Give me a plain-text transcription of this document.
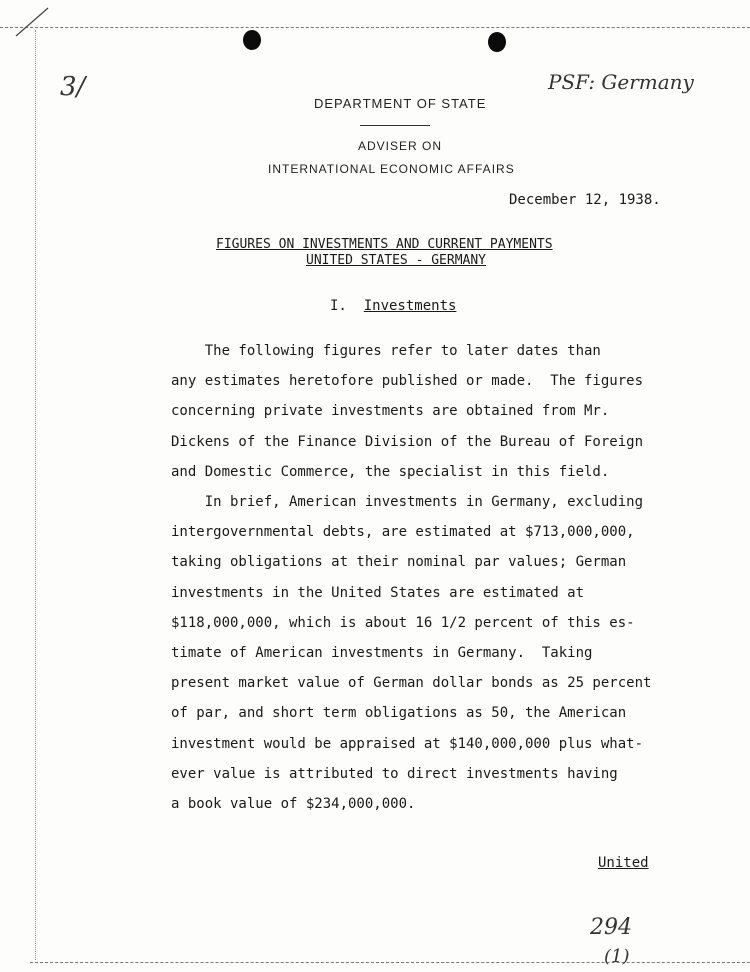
3/	PSF: Germany
DEPARTMENT OF STATE
ADVISER ON
INTERNATIONAL ECONOMIC AFFAIRS
December 12, 1938.
FIGURES ON INVESTMENTS AND CURRENT PAYMENTS
UNITED STATES - GERMANY
I. Investments
The following figures refer to later dates than
any estimates heretofore published or made.  The figures
concerning private investments are obtained from Mr.
Dickens of the Finance Division of the Bureau of Foreign
and Domestic Commerce, the specialist in this field.
In brief, American investments in Germany, excluding
intergovernmental debts, are estimated at $713,000,000,
taking obligations at their nominal par values; German
investments in the United States are estimated at
$118,000,000, which is about 16 1/2 percent of this es-
timate of American investments in Germany.  Taking
present market value of German dollar bonds as 25 percent
of par, and short term obligations as 50, the American
investment would be appraised at $140,000,000 plus what-
ever value is attributed to direct investments having
a book value of $234,000,000.
United
294
(1)
